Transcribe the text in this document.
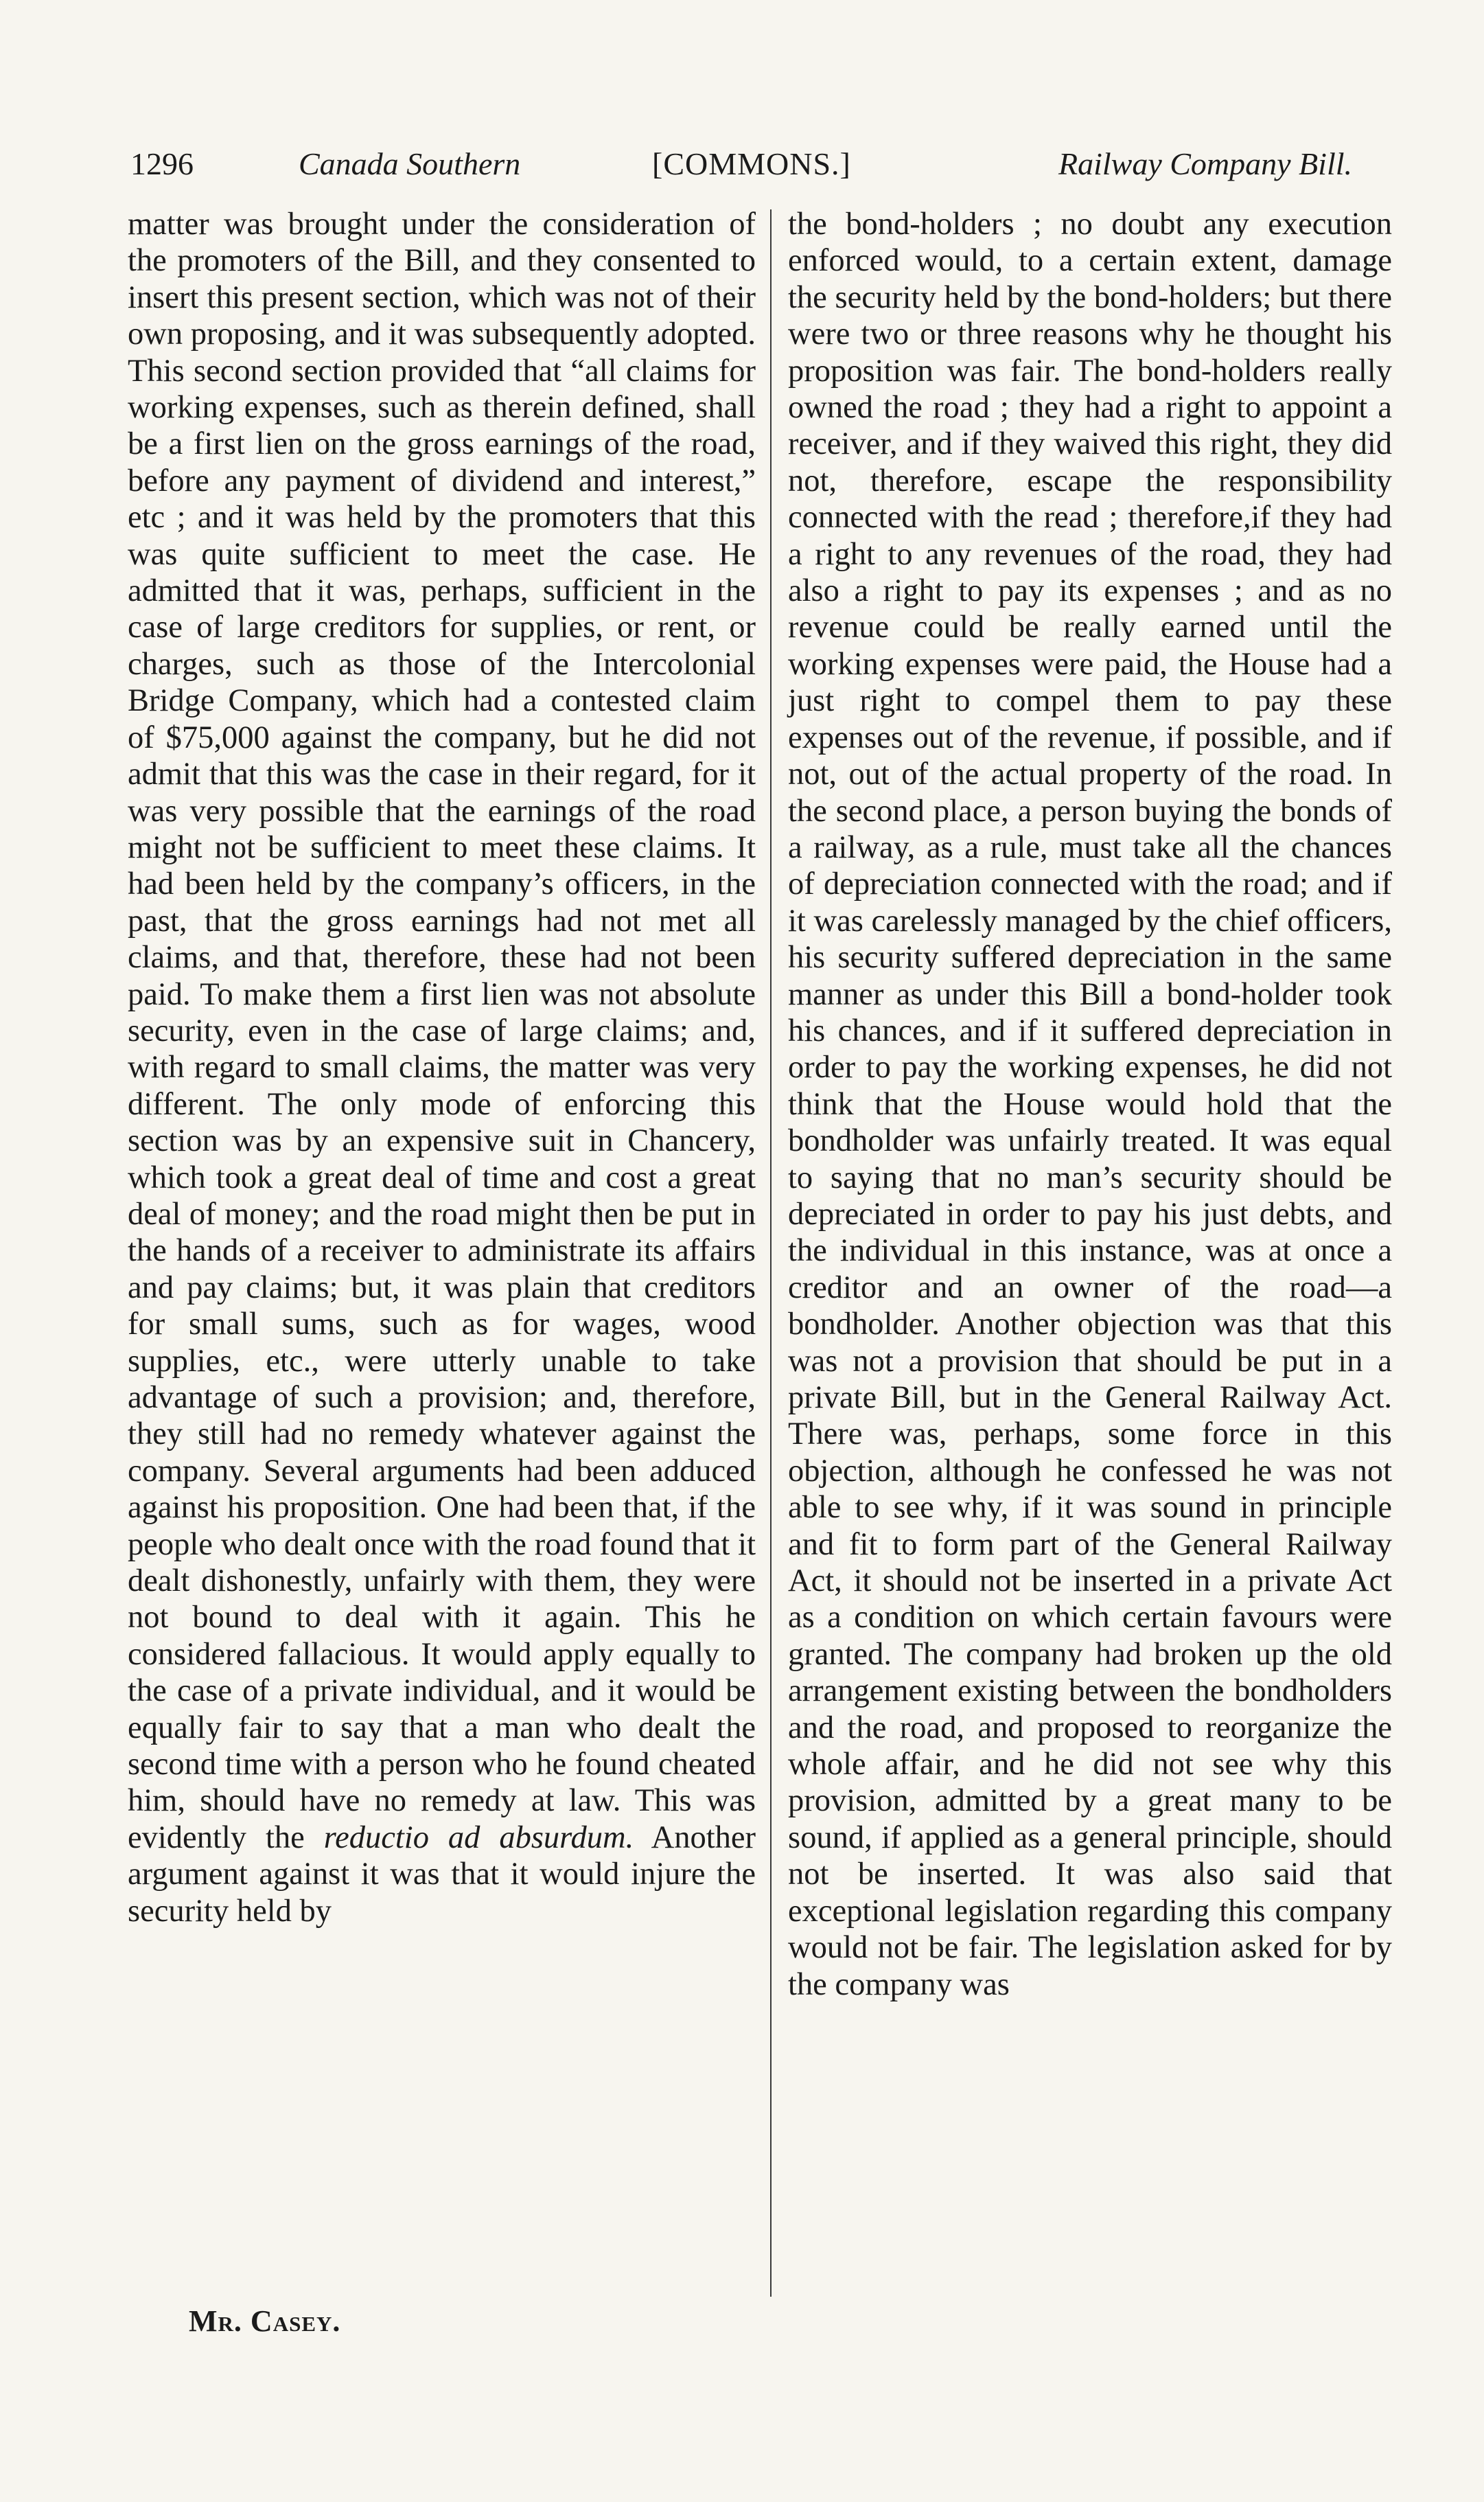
1296	Canada Southern	[COMMONS.]	Railway Company Bill.

matter was brought under the consideration of the promoters of the Bill, and they consented to insert this present section, which was not of their own proposing, and it was subsequently adopted. This second section provided that “all claims for working expenses, such as therein defined, shall be a first lien on the gross earnings of the road, before any payment of dividend and interest,” etc ; and it was held by the promoters that this was quite sufficient to meet the case. He admitted that it was, perhaps, sufficient in the case of large creditors for supplies, or rent, or charges, such as those of the Intercolonial Bridge Company, which had a contested claim of $75,000 against the company, but he did not admit that this was the case in their regard, for it was very possible that the earnings of the road might not be sufficient to meet these claims. It had been held by the company’s officers, in the past, that the gross earnings had not met all claims, and that, therefore, these had not been paid. To make them a first lien was not absolute security, even in the case of large claims; and, with regard to small claims, the matter was very different. The only mode of enforcing this section was by an expensive suit in Chancery, which took a great deal of time and cost a great deal of money; and the road might then be put in the hands of a receiver to administrate its affairs and pay claims; but, it was plain that creditors for small sums, such as for wages, wood supplies, etc., were utterly unable to take advantage of such a provision; and, therefore, they still had no remedy whatever against the company. Several arguments had been adduced against his proposition. One had been that, if the people who dealt once with the road found that it dealt dishonestly, unfairly with them, they were not bound to deal with it again. This he considered fallacious. It would apply equally to the case of a private individual, and it would be equally fair to say that a man who dealt the second time with a person who he found cheated him, should have no remedy at law. This was evidently the reductio ad absurdum. Another argument against it was that it would injure the security held by

the bond-holders ; no doubt any execution enforced would, to a certain extent, damage the security held by the bond-holders; but there were two or three reasons why he thought his proposition was fair. The bond-holders really owned the road ; they had a right to appoint a receiver, and if they waived this right, they did not, therefore, escape the responsibility connected with the read ; therefore,if they had a right to any revenues of the road, they had also a right to pay its expenses ; and as no revenue could be really earned until the working expenses were paid, the House had a just right to compel them to pay these expenses out of the revenue, if possible, and if not, out of the actual property of the road. In the second place, a person buying the bonds of a railway, as a rule, must take all the chances of depreciation connected with the road; and if it was carelessly managed by the chief officers, his security suffered depreciation in the same manner as under this Bill a bond-holder took his chances, and if it suffered depreciation in order to pay the working expenses, he did not think that the House would hold that the bondholder was unfairly treated. It was equal to saying that no man’s security should be depreciated in order to pay his just debts, and the individual in this instance, was at once a creditor and an owner of the road—a bondholder. Another objection was that this was not a provision that should be put in a private Bill, but in the General Railway Act. There was, perhaps, some force in this objection, although he confessed he was not able to see why, if it was sound in principle and fit to form part of the General Railway Act, it should not be inserted in a private Act as a condition on which certain favours were granted. The company had broken up the old arrangement existing between the bondholders and the road, and proposed to reorganize the whole affair, and he did not see why this provision, admitted by a great many to be sound, if applied as a general principle, should not be inserted. It was also said that exceptional legislation regarding this company would not be fair. The legislation asked for by the company was

Mr. Casey.
